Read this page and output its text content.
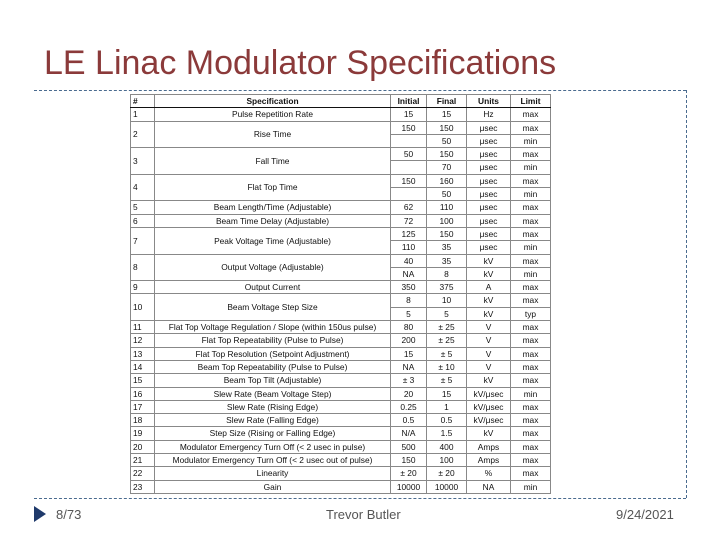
LE Linac Modulator Specifications
#	Specification	Initial	Final	Units	Limit
1	Pulse Repetition Rate	15	15	Hz	max
2	Rise Time	150	150	μsec	max
			50	μsec	min
3	Fall Time	50	150	μsec	max
			70	μsec	min
4	Flat Top Time	150	160	μsec	max
			50	μsec	min
5	Beam Length/Time (Adjustable)	62	110	μsec	max
6	Beam Time Delay (Adjustable)	72	100	μsec	max
7	Peak Voltage Time (Adjustable)	125	150	μsec	max
		110	35	μsec	min
8	Output Voltage (Adjustable)	40	35	kV	max
		NA	8	kV	min
9	Output Current	350	375	A	max
10	Beam Voltage Step Size	8	10	kV	max
		5	5	kV	typ
11	Flat Top Voltage Regulation / Slope (within 150us pulse)	80	± 25	V	max
12	Flat Top Repeatability (Pulse to Pulse)	200	± 25	V	max
13	Flat Top Resolution (Setpoint Adjustment)	15	± 5	V	max
14	Beam Top Repeatability (Pulse to Pulse)	NA	± 10	V	max
15	Beam Top Tilt (Adjustable)	± 3	± 5	kV	max
16	Slew Rate (Beam Voltage Step)	20	15	kV/μsec	min
17	Slew Rate (Rising Edge)	0.25	1	kV/μsec	max
18	Slew Rate (Falling Edge)	0.5	0.5	kV/μsec	max
19	Step Size (Rising or Falling Edge)	N/A	1.5	kV	max
20	Modulator Emergency Turn Off (< 2 usec in pulse)	500	400	Amps	max
21	Modulator Emergency Turn Off (< 2 usec out of pulse)	150	100	Amps	max
22	Linearity	± 20	± 20	%	max
23	Gain	10000	10000	NA	min
8/73	Trevor Butler	9/24/2021
